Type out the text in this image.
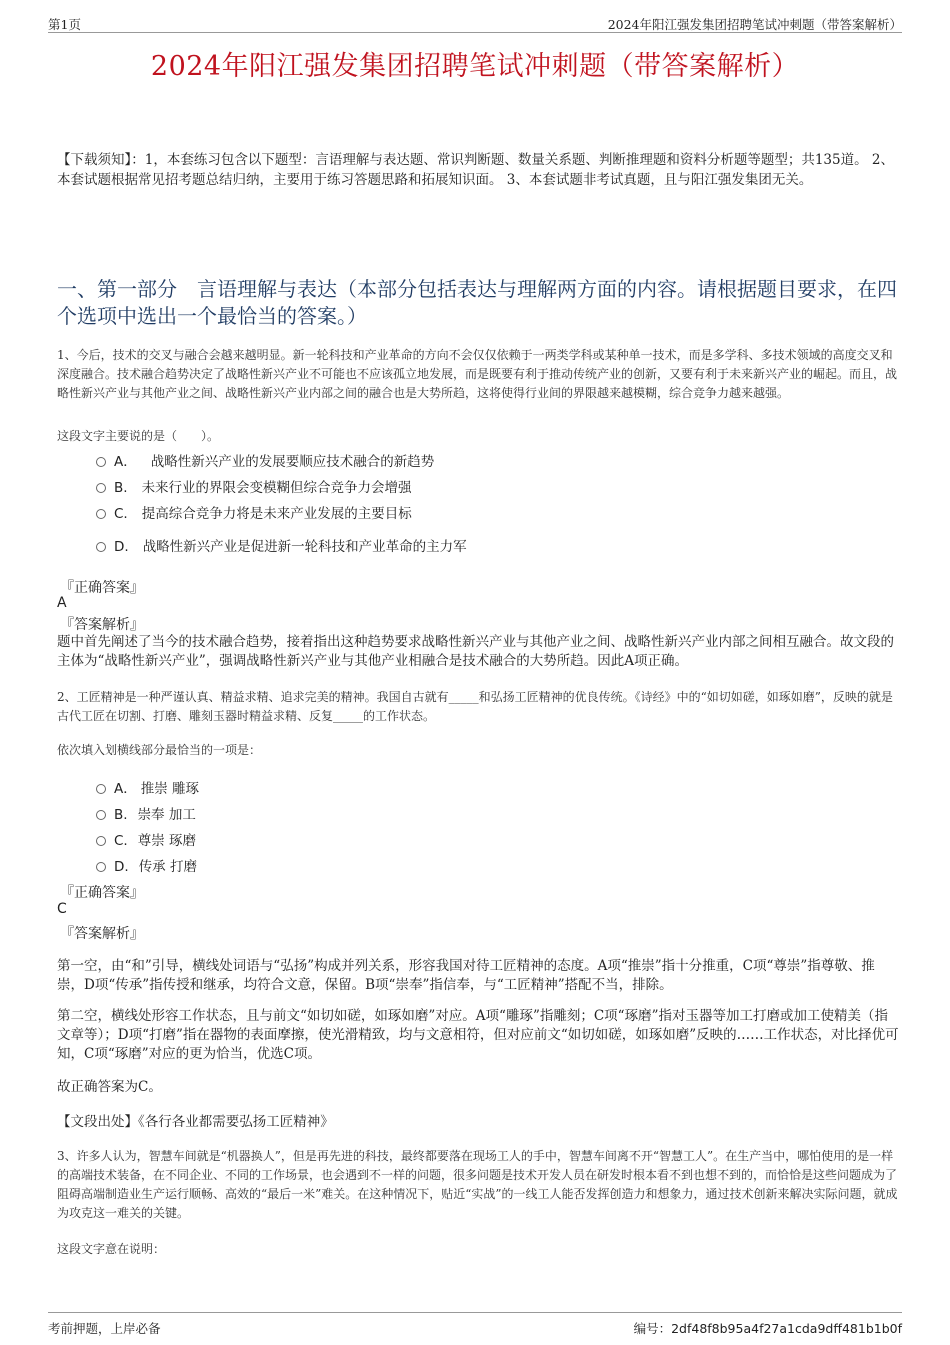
第1页	2024年阳江强发集团招聘笔试冲刺题（带答案解析）
2024年阳江强发集团招聘笔试冲刺题（带答案解析）
【下载须知】：1，本套练习包含以下题型：言语理解与表达题、常识判断题、数量关系题、判断推理题和资料分析题等题型；共135道。 2、本套试题根据常见招考题总结归纳，主要用于练习答题思路和拓展知识面。 3、本套试题非考试真题，且与阳江强发集团无关。
一、第一部分　言语理解与表达（本部分包括表达与理解两方面的内容。请根据题目要求，在四个选项中选出一个最恰当的答案。）
1、今后，技术的交叉与融合会越来越明显。新一轮科技和产业革命的方向不会仅仅依赖于一两类学科或某种单一技术，而是多学科、多技术领域的高度交叉和深度融合。技术融合趋势决定了战略性新兴产业不可能也不应该孤立地发展，而是既要有利于推动传统产业的创新，又要有利于未来新兴产业的崛起。而且，战略性新兴产业与其他产业之间、战略性新兴产业内部之间的融合也是大势所趋，这将使得行业间的界限越来越模糊，综合竞争力越来越强。
这段文字主要说的是（　　）。
A． 战略性新兴产业的发展要顺应技术融合的新趋势
B. 未来行业的界限会变模糊但综合竞争力会增强
C. 提高综合竞争力将是未来产业发展的主要目标
D. 战略性新兴产业是促进新一轮科技和产业革命的主力军
『正确答案』
A
『答案解析』
题中首先阐述了当今的技术融合趋势，接着指出这种趋势要求战略性新兴产业与其他产业之间、战略性新兴产业内部之间相互融合。故文段的主体为“战略性新兴产业”，强调战略性新兴产业与其他产业相融合是技术融合的大势所趋。因此A项正确。
2、工匠精神是一种严谨认真、精益求精、追求完美的精神。我国自古就有_____和弘扬工匠精神的优良传统。《诗经》中的“如切如磋，如琢如磨”，反映的就是古代工匠在切割、打磨、雕刻玉器时精益求精、反复_____的工作状态。
依次填入划横线部分最恰当的一项是：
A． 推崇 雕琢
B. 崇奉 加工
C. 尊崇 琢磨
D. 传承 打磨
『正确答案』
C
『答案解析』
第一空，由“和”引导，横线处词语与“弘扬”构成并列关系，形容我国对待工匠精神的态度。A项“推崇”指十分推重，C项“尊崇”指尊敬、推崇，D项“传承”指传授和继承，均符合文意，保留。B项“崇奉”指信奉，与“工匠精神”搭配不当，排除。
第二空，横线处形容工作状态，且与前文“如切如磋，如琢如磨”对应。A项“雕琢”指雕刻；C项“琢磨”指对玉器等加工打磨或加工使精美（指文章等）；D项“打磨”指在器物的表面摩擦，使光滑精致，均与文意相符，但对应前文“如切如磋，如琢如磨”反映的……工作状态，对比择优可知，C项“琢磨”对应的更为恰当，优选C项。
故正确答案为C。
【文段出处】《各行各业都需要弘扬工匠精神》
3、许多人认为，智慧车间就是“机器换人”，但是再先进的科技，最终都要落在现场工人的手中，智慧车间离不开“智慧工人”。在生产当中，哪怕使用的是一样的高端技术装备，在不同企业、不同的工作场景，也会遇到不一样的问题，很多问题是技术开发人员在研发时根本看不到也想不到的，而恰恰是这些问题成为了阻碍高端制造业生产运行顺畅、高效的“最后一米”难关。在这种情况下，贴近“实战”的一线工人能否发挥创造力和想象力，通过技术创新来解决实际问题，就成为攻克这一难关的关键。
这段文字意在说明：
考前押题，上岸必备	编号：2df48f8b95a4f27a1cda9dff481b1b0f
